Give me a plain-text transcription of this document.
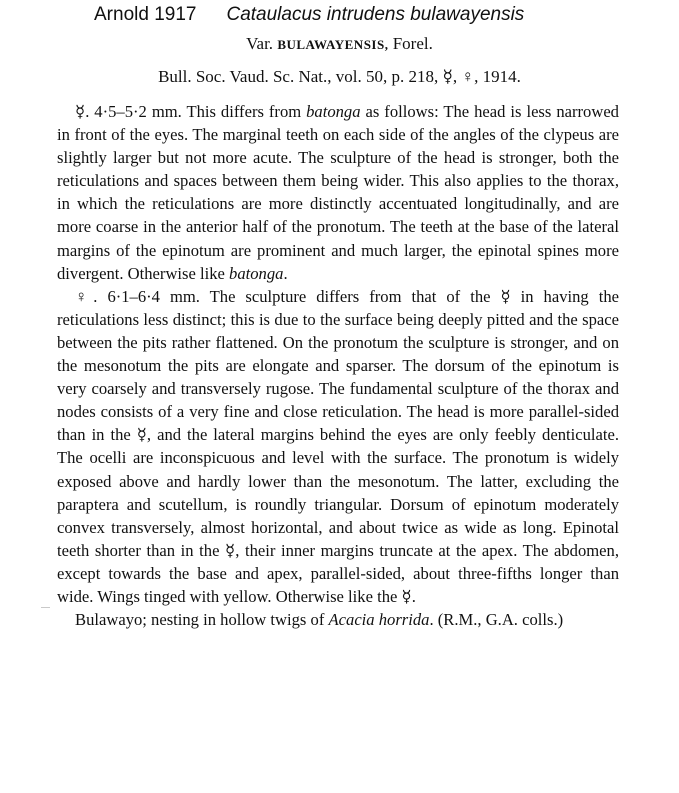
Arnold 1917 Cataulacus intrudens bulawayensis
Var. BULAWAYENSIS, Forel.
Bull. Soc. Vaud. Sc. Nat., vol. 50, p. 218, ☿, ♀, 1914.

☿. 4·5–5·2 mm. This differs from batonga as follows: The head is less narrowed in front of the eyes. The marginal teeth on each side of the angles of the clypeus are slightly larger but not more acute. The sculpture of the head is stronger, both the reticulations and spaces between them being wider. This also applies to the thorax, in which the reticulations are more distinctly accentuated longitudinally, and are more coarse in the anterior half of the pronotum. The teeth at the base of the lateral margins of the epinotum are prominent and much larger, the epinotal spines more divergent. Otherwise like batonga.

♀. 6·1–6·4 mm. The sculpture differs from that of the ☿ in having the reticulations less distinct; this is due to the surface being deeply pitted and the space between the pits rather flattened. On the pronotum the sculpture is stronger, and on the mesonotum the pits are elongate and sparser. The dorsum of the epinotum is very coarsely and transversely rugose. The fundamental sculpture of the thorax and nodes consists of a very fine and close reticulation. The head is more parallel-sided than in the ☿, and the lateral margins behind the eyes are only feebly denticulate. The ocelli are inconspicuous and level with the surface. The pronotum is widely exposed above and hardly lower than the mesonotum. The latter, excluding the paraptera and scutellum, is roundly triangular. Dorsum of epinotum moderately convex transversely, almost horizontal, and about twice as wide as long. Epinotal teeth shorter than in the ☿, their inner margins truncate at the apex. The abdomen, except towards the base and apex, parallel-sided, about three-fifths longer than wide. Wings tinged with yellow. Otherwise like the ☿.

Bulawayo; nesting in hollow twigs of Acacia horrida. (R.M., G.A. colls.)
